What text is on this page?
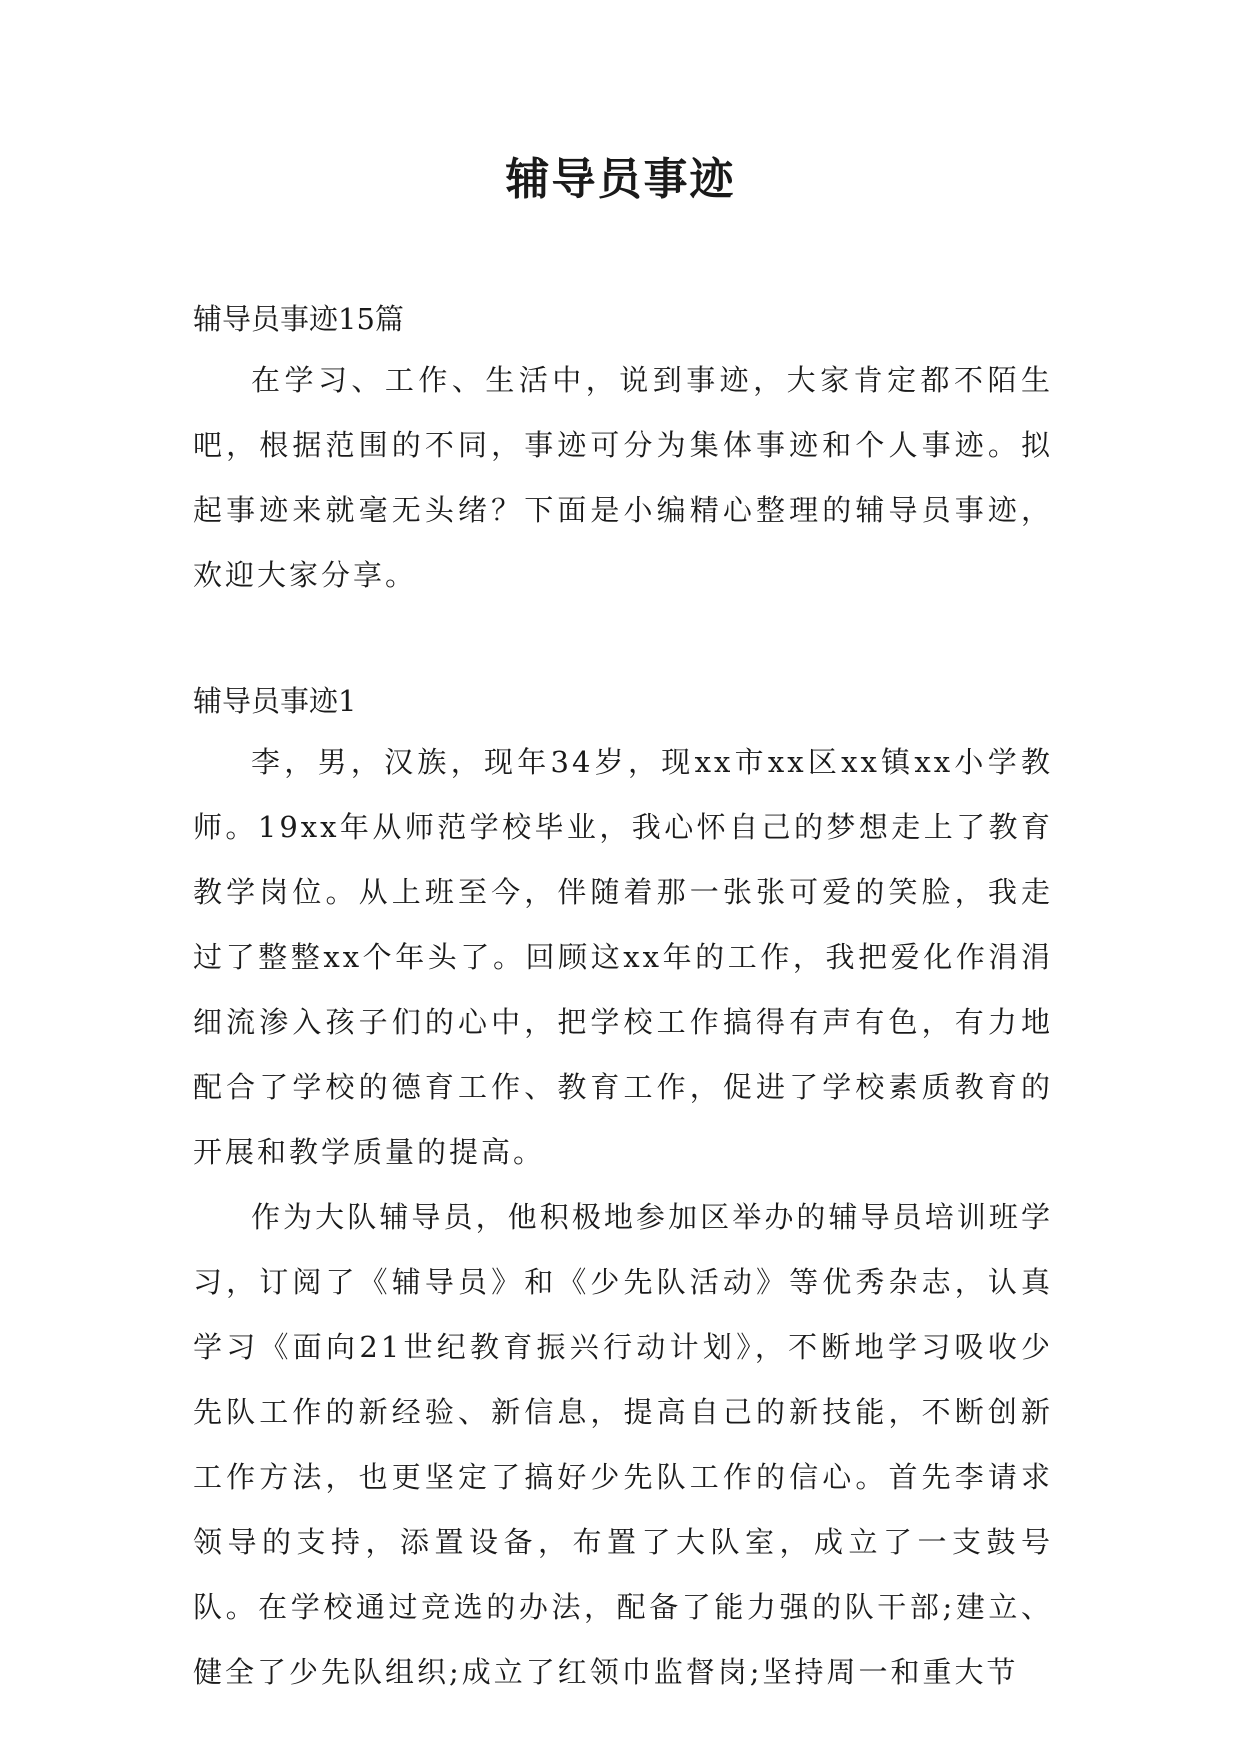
辅导员事迹

辅导员事迹15篇

在学习、工作、生活中，说到事迹，大家肯定都不陌生吧，根据范围的不同，事迹可分为集体事迹和个人事迹。拟起事迹来就毫无头绪？下面是小编精心整理的辅导员事迹，欢迎大家分享。

辅导员事迹1

李，男，汉族，现年34岁，现xx市xx区xx镇xx小学教师。19xx年从师范学校毕业，我心怀自己的梦想走上了教育教学岗位。从上班至今，伴随着那一张张可爱的笑脸，我走过了整整xx个年头了。回顾这xx年的工作，我把爱化作涓涓细流渗入孩子们的心中，把学校工作搞得有声有色，有力地配合了学校的德育工作、教育工作，促进了学校素质教育的开展和教学质量的提高。

作为大队辅导员，他积极地参加区举办的辅导员培训班学习，订阅了《辅导员》和《少先队活动》等优秀杂志，认真学习《面向21世纪教育振兴行动计划》，不断地学习吸收少先队工作的新经验、新信息，提高自己的新技能，不断创新工作方法，也更坚定了搞好少先队工作的信心。首先李请求领导的支持，添置设备，布置了大队室，成立了一支鼓号队。在学校通过竞选的办法，配备了能力强的队干部;建立、健全了少先队组织;成立了红领巾监督岗;坚持周一和重大节
